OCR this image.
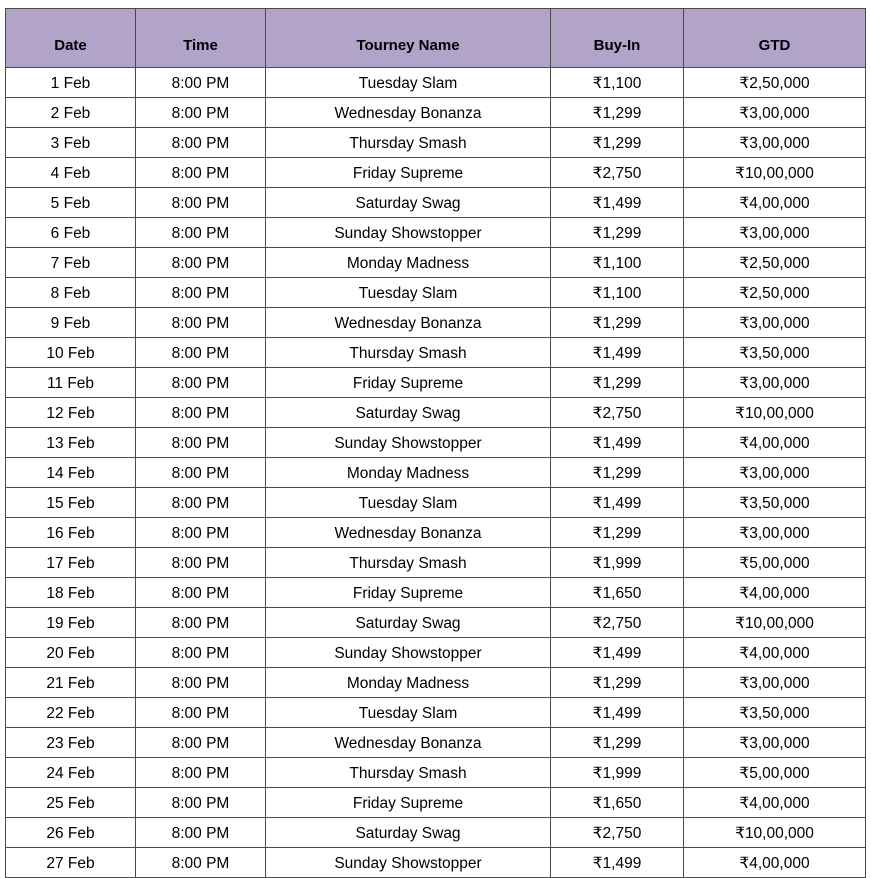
Date	Time	Tourney Name	Buy-In	GTD
1 Feb	8:00 PM	Tuesday Slam	₹1,100	₹2,50,000
2 Feb	8:00 PM	Wednesday Bonanza	₹1,299	₹3,00,000
3 Feb	8:00 PM	Thursday Smash	₹1,299	₹3,00,000
4 Feb	8:00 PM	Friday Supreme	₹2,750	₹10,00,000
5 Feb	8:00 PM	Saturday Swag	₹1,499	₹4,00,000
6 Feb	8:00 PM	Sunday Showstopper	₹1,299	₹3,00,000
7 Feb	8:00 PM	Monday Madness	₹1,100	₹2,50,000
8 Feb	8:00 PM	Tuesday Slam	₹1,100	₹2,50,000
9 Feb	8:00 PM	Wednesday Bonanza	₹1,299	₹3,00,000
10 Feb	8:00 PM	Thursday Smash	₹1,499	₹3,50,000
11 Feb	8:00 PM	Friday Supreme	₹1,299	₹3,00,000
12 Feb	8:00 PM	Saturday Swag	₹2,750	₹10,00,000
13 Feb	8:00 PM	Sunday Showstopper	₹1,499	₹4,00,000
14 Feb	8:00 PM	Monday Madness	₹1,299	₹3,00,000
15 Feb	8:00 PM	Tuesday Slam	₹1,499	₹3,50,000
16 Feb	8:00 PM	Wednesday Bonanza	₹1,299	₹3,00,000
17 Feb	8:00 PM	Thursday Smash	₹1,999	₹5,00,000
18 Feb	8:00 PM	Friday Supreme	₹1,650	₹4,00,000
19 Feb	8:00 PM	Saturday Swag	₹2,750	₹10,00,000
20 Feb	8:00 PM	Sunday Showstopper	₹1,499	₹4,00,000
21 Feb	8:00 PM	Monday Madness	₹1,299	₹3,00,000
22 Feb	8:00 PM	Tuesday Slam	₹1,499	₹3,50,000
23 Feb	8:00 PM	Wednesday Bonanza	₹1,299	₹3,00,000
24 Feb	8:00 PM	Thursday Smash	₹1,999	₹5,00,000
25 Feb	8:00 PM	Friday Supreme	₹1,650	₹4,00,000
26 Feb	8:00 PM	Saturday Swag	₹2,750	₹10,00,000
27 Feb	8:00 PM	Sunday Showstopper	₹1,499	₹4,00,000
